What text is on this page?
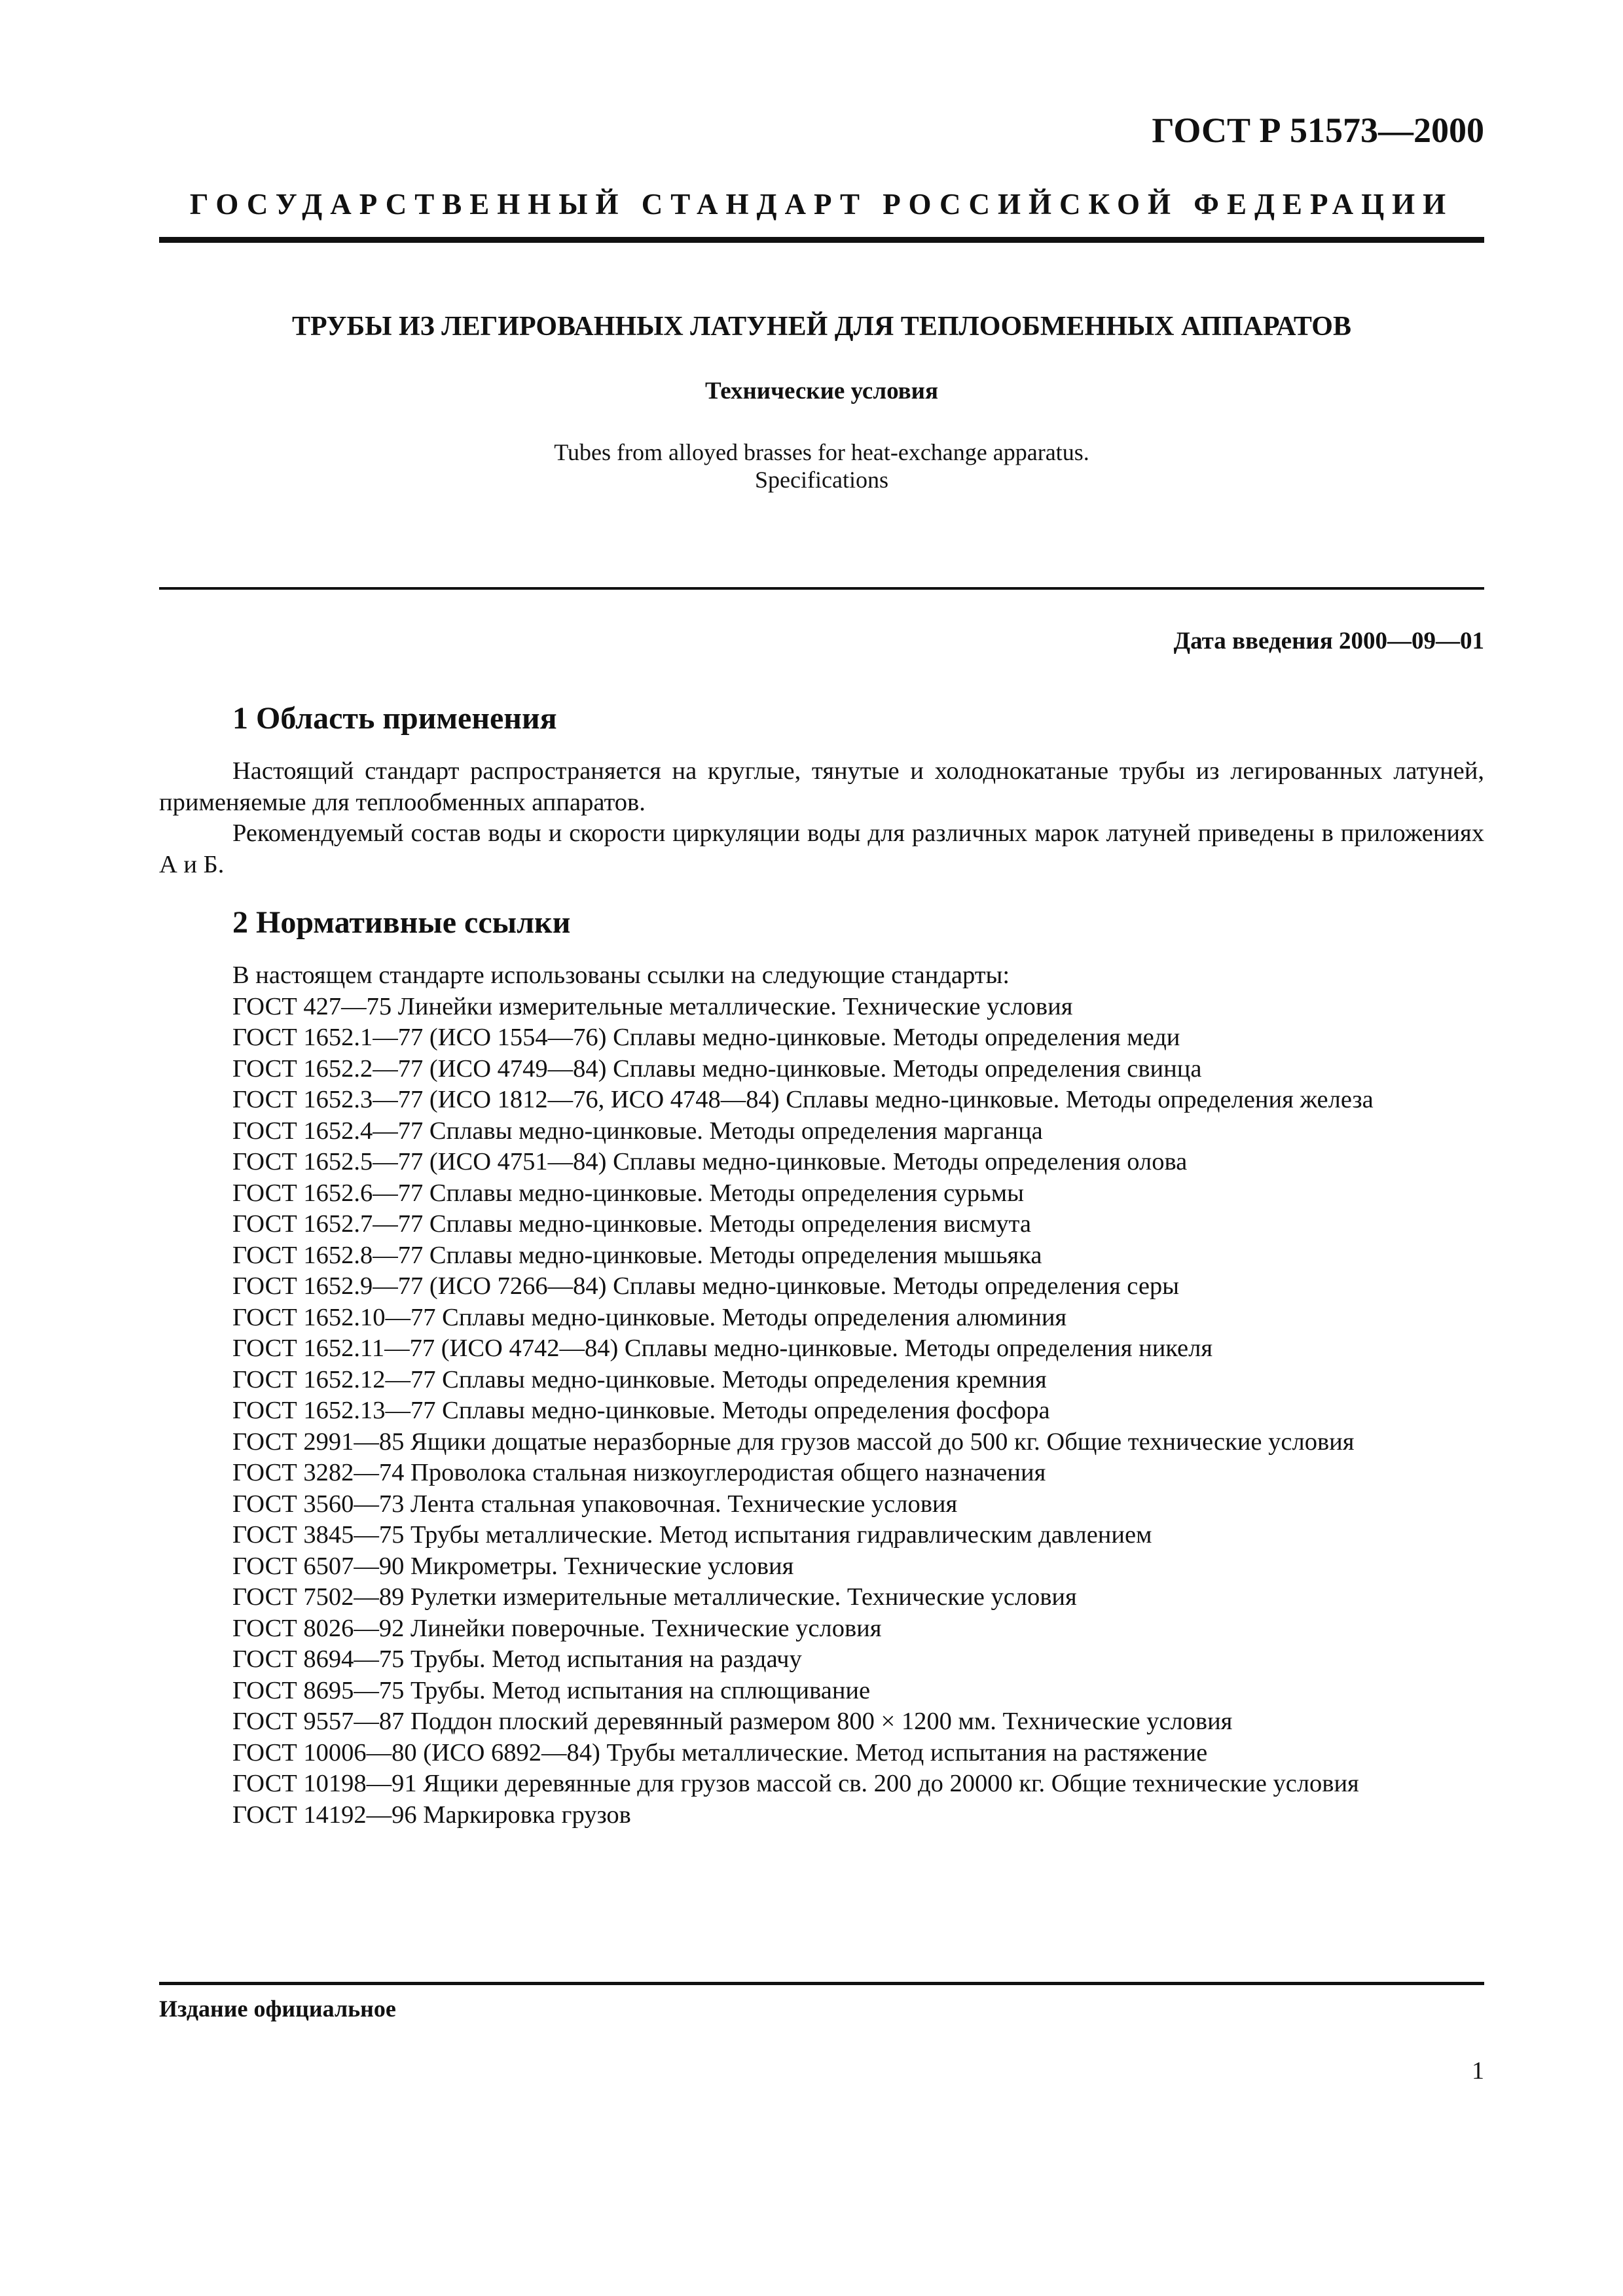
ГОСТ Р 51573—2000
ГОСУДАРСТВЕННЫЙ СТАНДАРТ РОССИЙСКОЙ ФЕДЕРАЦИИ
ТРУБЫ ИЗ ЛЕГИРОВАННЫХ ЛАТУНЕЙ ДЛЯ ТЕПЛООБМЕННЫХ АППАРАТОВ
Технические условия
Tubes from alloyed brasses for heat-exchange apparatus.
Specifications
Дата введения 2000—09—01
1 Область применения

Настоящий стандарт распространяется на круглые, тянутые и холоднокатаные трубы из легированных латуней, применяемые для теплообменных аппаратов.

Рекомендуемый состав воды и скорости циркуляции воды для различных марок латуней приведены в приложениях А и Б.

2 Нормативные ссылки
В настоящем стандарте использованы ссылки на следующие стандарты:
ГОСТ 427—75 Линейки измерительные металлические. Технические условия
ГОСТ 1652.1—77 (ИСО 1554—76) Сплавы медно-цинковые. Методы определения меди
ГОСТ 1652.2—77 (ИСО 4749—84) Сплавы медно-цинковые. Методы определения свинца
ГОСТ 1652.3—77 (ИСО 1812—76, ИСО 4748—84) Сплавы медно-цинковые. Методы определения железа
ГОСТ 1652.4—77 Сплавы медно-цинковые. Методы определения марганца
ГОСТ 1652.5—77 (ИСО 4751—84) Сплавы медно-цинковые. Методы определения олова
ГОСТ 1652.6—77 Сплавы медно-цинковые. Методы определения сурьмы
ГОСТ 1652.7—77 Сплавы медно-цинковые. Методы определения висмута
ГОСТ 1652.8—77 Сплавы медно-цинковые. Методы определения мышьяка
ГОСТ 1652.9—77 (ИСО 7266—84) Сплавы медно-цинковые. Методы определения серы
ГОСТ 1652.10—77 Сплавы медно-цинковые. Методы определения алюминия
ГОСТ 1652.11—77 (ИСО 4742—84) Сплавы медно-цинковые. Методы определения никеля
ГОСТ 1652.12—77 Сплавы медно-цинковые. Методы определения кремния
ГОСТ 1652.13—77 Сплавы медно-цинковые. Методы определения фосфора
ГОСТ 2991—85 Ящики дощатые неразборные для грузов массой до 500 кг. Общие технические условия
ГОСТ 3282—74 Проволока стальная низкоуглеродистая общего назначения
ГОСТ 3560—73 Лента стальная упаковочная. Технические условия
ГОСТ 3845—75 Трубы металлические. Метод испытания гидравлическим давлением
ГОСТ 6507—90 Микрометры. Технические условия
ГОСТ 7502—89 Рулетки измерительные металлические. Технические условия
ГОСТ 8026—92 Линейки поверочные. Технические условия
ГОСТ 8694—75 Трубы. Метод испытания на раздачу
ГОСТ 8695—75 Трубы. Метод испытания на сплющивание
ГОСТ 9557—87 Поддон плоский деревянный размером 800 × 1200 мм. Технические условия
ГОСТ 10006—80 (ИСО 6892—84) Трубы металлические. Метод испытания на растяжение
ГОСТ 10198—91 Ящики деревянные для грузов массой св. 200 до 20000 кг. Общие технические условия
ГОСТ 14192—96 Маркировка грузов
Издание официальное
1
